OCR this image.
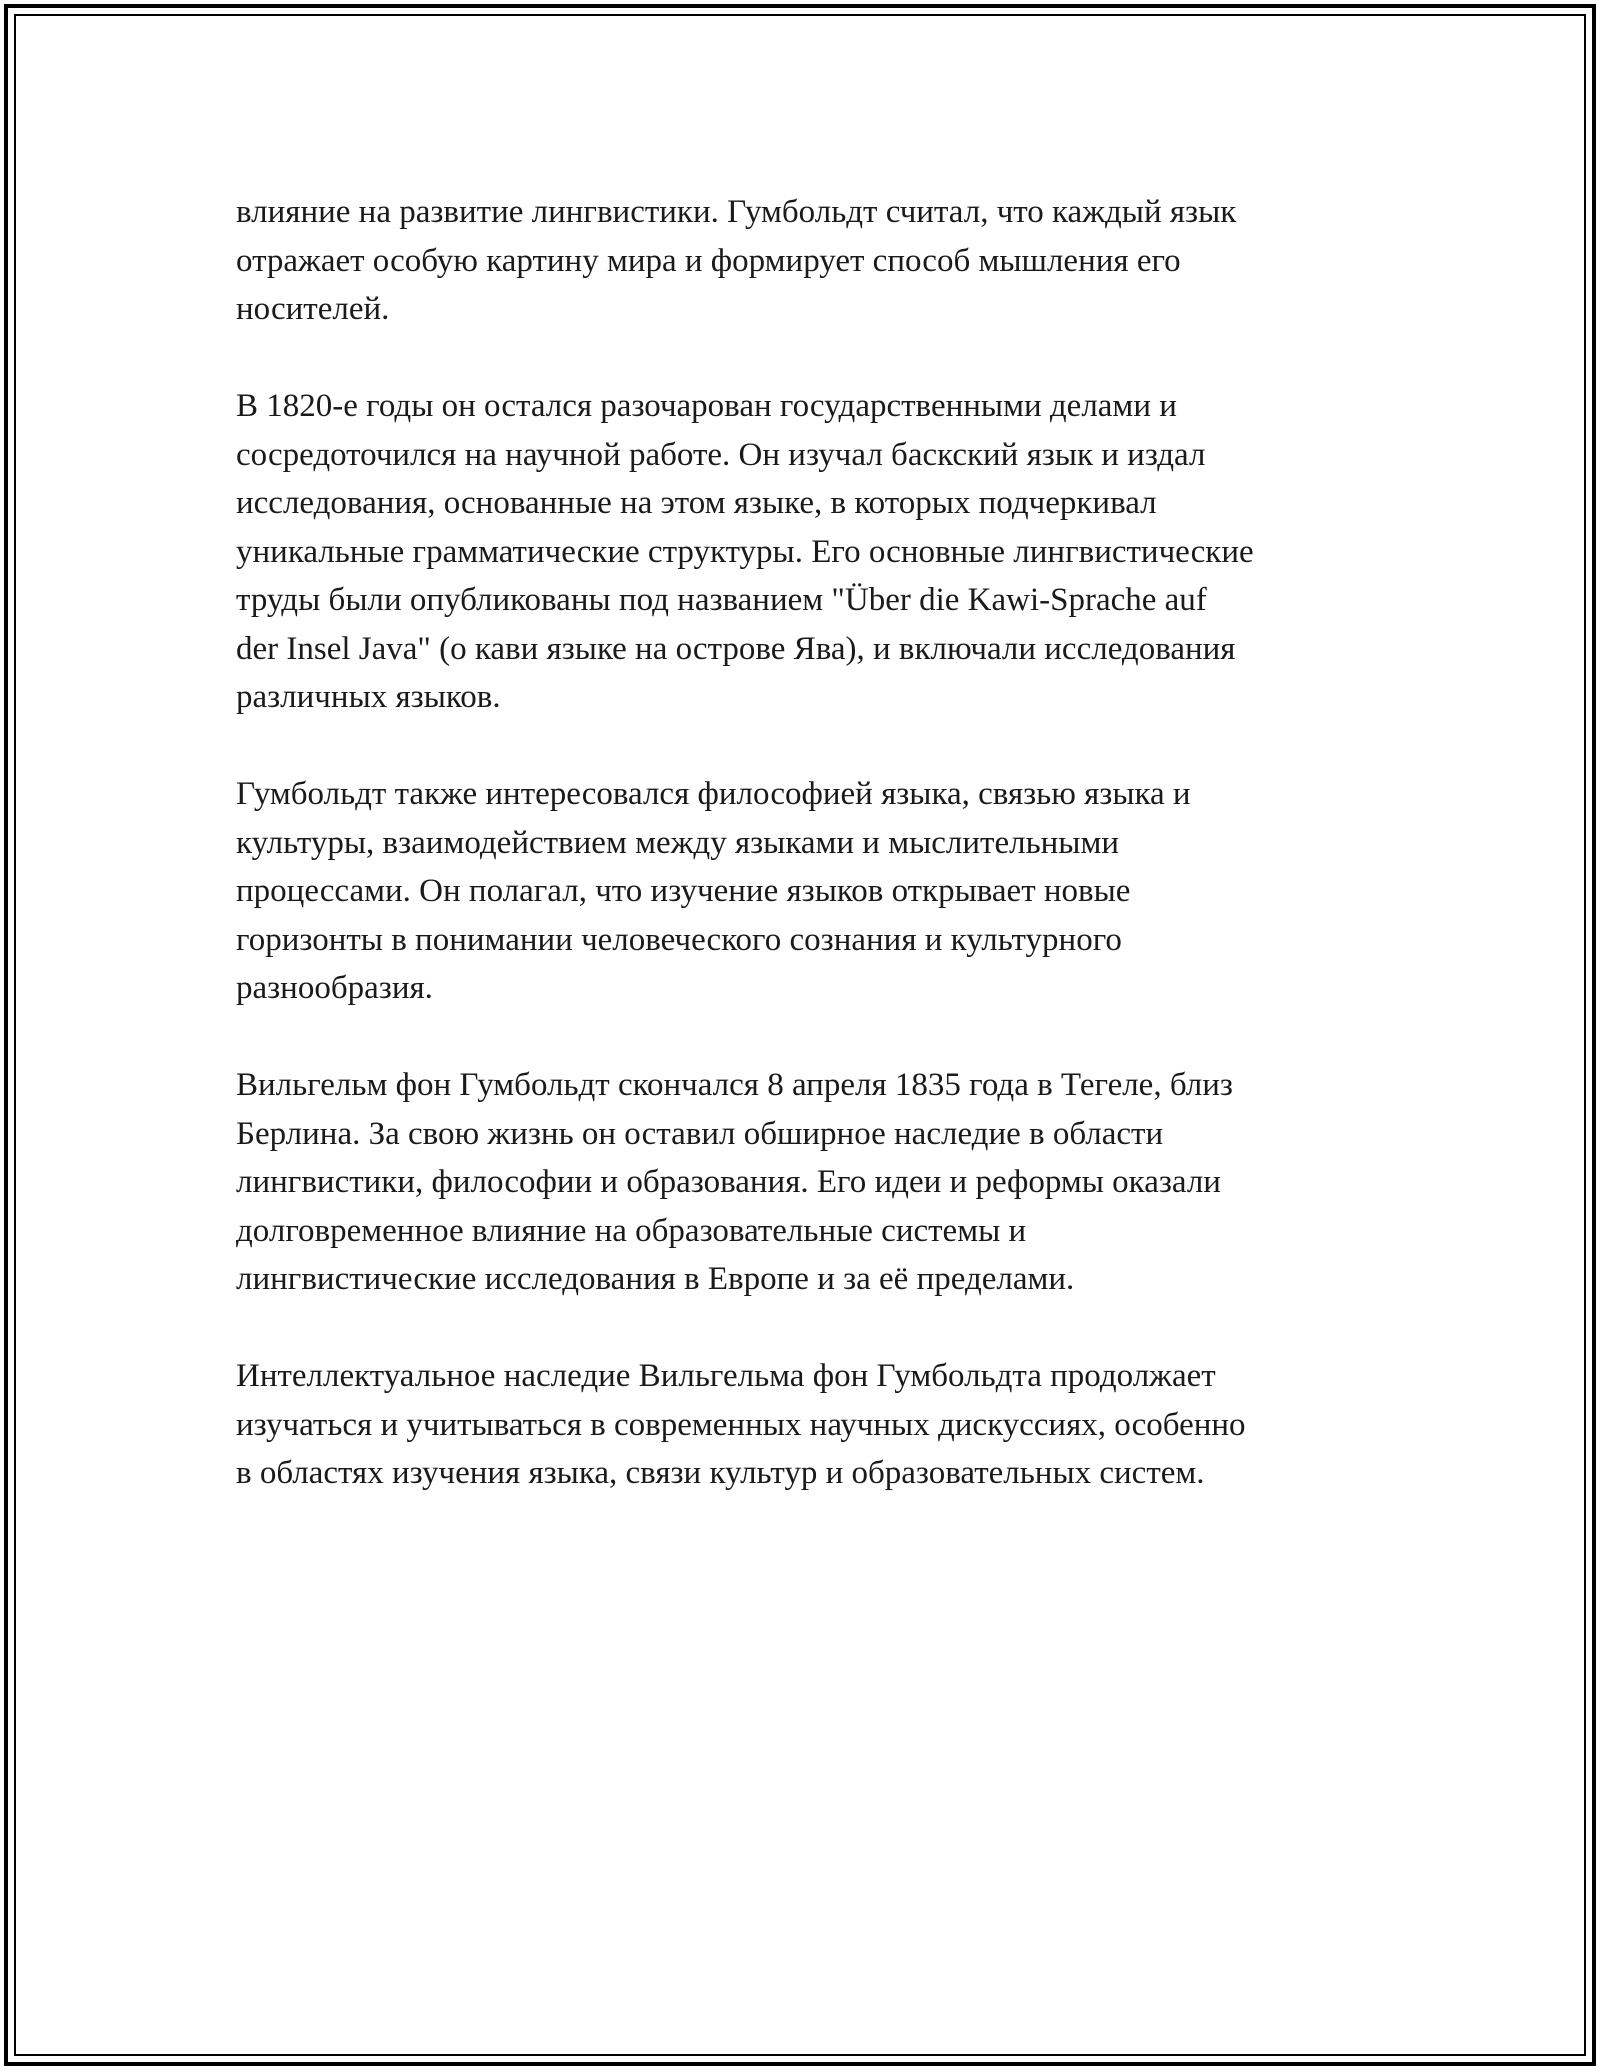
влияние на развитие лингвистики. Гумбольдт считал, что каждый язык
отражает особую картину мира и формирует способ мышления его
носителей.

В 1820-е годы он остался разочарован государственными делами и
сосредоточился на научной работе. Он изучал баскский язык и издал
исследования, основанные на этом языке, в которых подчеркивал
уникальные грамматические структуры. Его основные лингвистические
труды были опубликованы под названием "Über die Kawi-Sprache auf
der Insel Java" (о кави языке на острове Ява), и включали исследования
различных языков.

Гумбольдт также интересовался философией языка, связью языка и
культуры, взаимодействием между языками и мыслительными
процессами. Он полагал, что изучение языков открывает новые
горизонты в понимании человеческого сознания и культурного
разнообразия.

Вильгельм фон Гумбольдт скончался 8 апреля 1835 года в Тегеле, близ
Берлина. За свою жизнь он оставил обширное наследие в области
лингвистики, философии и образования. Его идеи и реформы оказали
долговременное влияние на образовательные системы и
лингвистические исследования в Европе и за её пределами.

Интеллектуальное наследие Вильгельма фон Гумбольдта продолжает
изучаться и учитываться в современных научных дискуссиях, особенно
в областях изучения языка, связи культур и образовательных систем.
